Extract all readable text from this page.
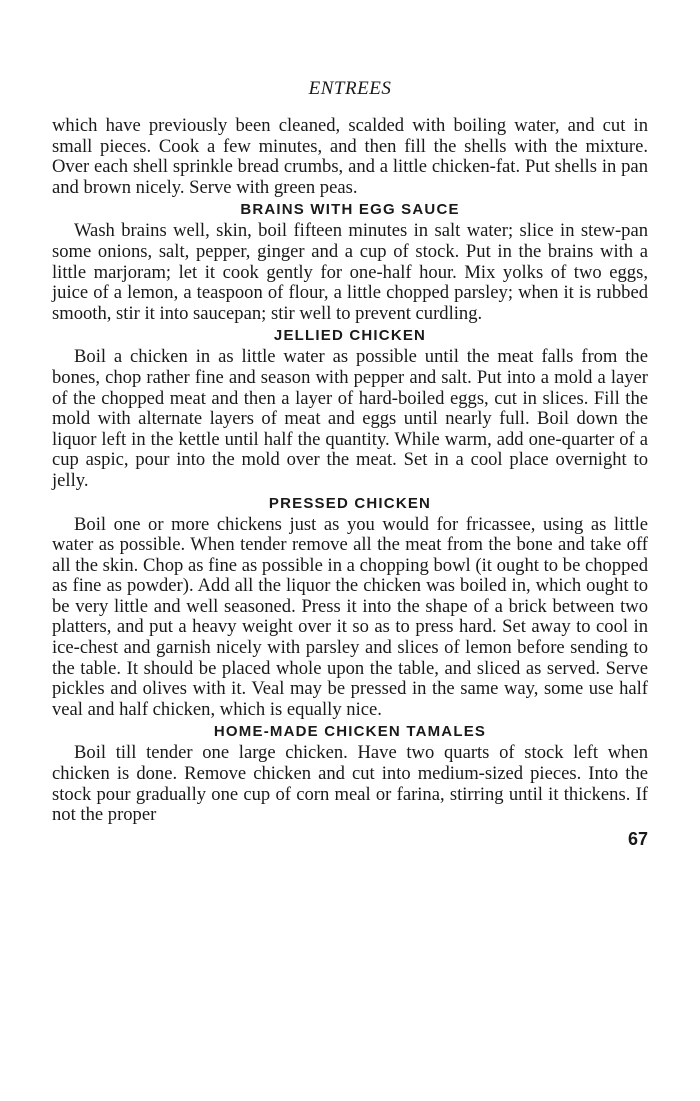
ENTREES

which have previously been cleaned, scalded with boiling water, and cut in small pieces. Cook a few minutes, and then fill the shells with the mixture. Over each shell sprinkle bread crumbs, and a little chicken-fat. Put shells in pan and brown nicely. Serve with green peas.

BRAINS WITH EGG SAUCE

Wash brains well, skin, boil fifteen minutes in salt water; slice in stew-pan some onions, salt, pepper, ginger and a cup of stock. Put in the brains with a little marjoram; let it cook gently for one-half hour. Mix yolks of two eggs, juice of a lemon, a teaspoon of flour, a little chopped parsley; when it is rubbed smooth, stir it into saucepan; stir well to prevent curdling.

JELLIED CHICKEN

Boil a chicken in as little water as possible until the meat falls from the bones, chop rather fine and season with pepper and salt. Put into a mold a layer of the chopped meat and then a layer of hard-boiled eggs, cut in slices. Fill the mold with alternate layers of meat and eggs until nearly full. Boil down the liquor left in the kettle until half the quantity. While warm, add one-quarter of a cup aspic, pour into the mold over the meat. Set in a cool place overnight to jelly.

PRESSED CHICKEN

Boil one or more chickens just as you would for fricassee, using as little water as possible. When tender remove all the meat from the bone and take off all the skin. Chop as fine as possible in a chopping bowl (it ought to be chopped as fine as powder). Add all the liquor the chicken was boiled in, which ought to be very little and well seasoned. Press it into the shape of a brick between two platters, and put a heavy weight over it so as to press hard. Set away to cool in ice-chest and garnish nicely with parsley and slices of lemon before sending to the table. It should be placed whole upon the table, and sliced as served. Serve pickles and olives with it. Veal may be pressed in the same way, some use half veal and half chicken, which is equally nice.

HOME-MADE CHICKEN TAMALES

Boil till tender one large chicken. Have two quarts of stock left when chicken is done. Remove chicken and cut into medium-sized pieces. Into the stock pour gradually one cup of corn meal or farina, stirring until it thickens. If not the proper

67
